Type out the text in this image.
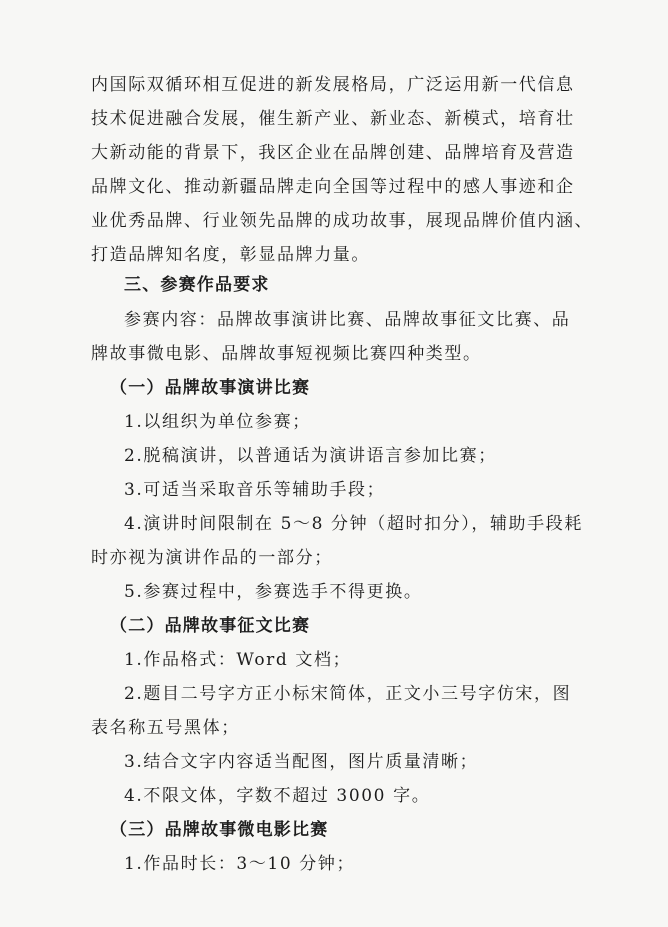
内国际双循环相互促进的新发展格局，广泛运用新一代信息
技术促进融合发展，催生新产业、新业态、新模式，培育壮
大新动能的背景下，我区企业在品牌创建、品牌培育及营造
品牌文化、推动新疆品牌走向全国等过程中的感人事迹和企
业优秀品牌、行业领先品牌的成功故事，展现品牌价值内涵、
打造品牌知名度，彰显品牌力量。
三、参赛作品要求
参赛内容：品牌故事演讲比赛、品牌故事征文比赛、品
牌故事微电影、品牌故事短视频比赛四种类型。
（一）品牌故事演讲比赛
1.以组织为单位参赛；
2.脱稿演讲，以普通话为演讲语言参加比赛；
3.可适当采取音乐等辅助手段；
4.演讲时间限制在 5～8 分钟（超时扣分），辅助手段耗
时亦视为演讲作品的一部分；
5.参赛过程中，参赛选手不得更换。
（二）品牌故事征文比赛
1.作品格式：Word 文档；
2.题目二号字方正小标宋简体，正文小三号字仿宋，图
表名称五号黑体；
3.结合文字内容适当配图，图片质量清晰；
4.不限文体，字数不超过 3000 字。
（三）品牌故事微电影比赛
1.作品时长：3～10 分钟；
